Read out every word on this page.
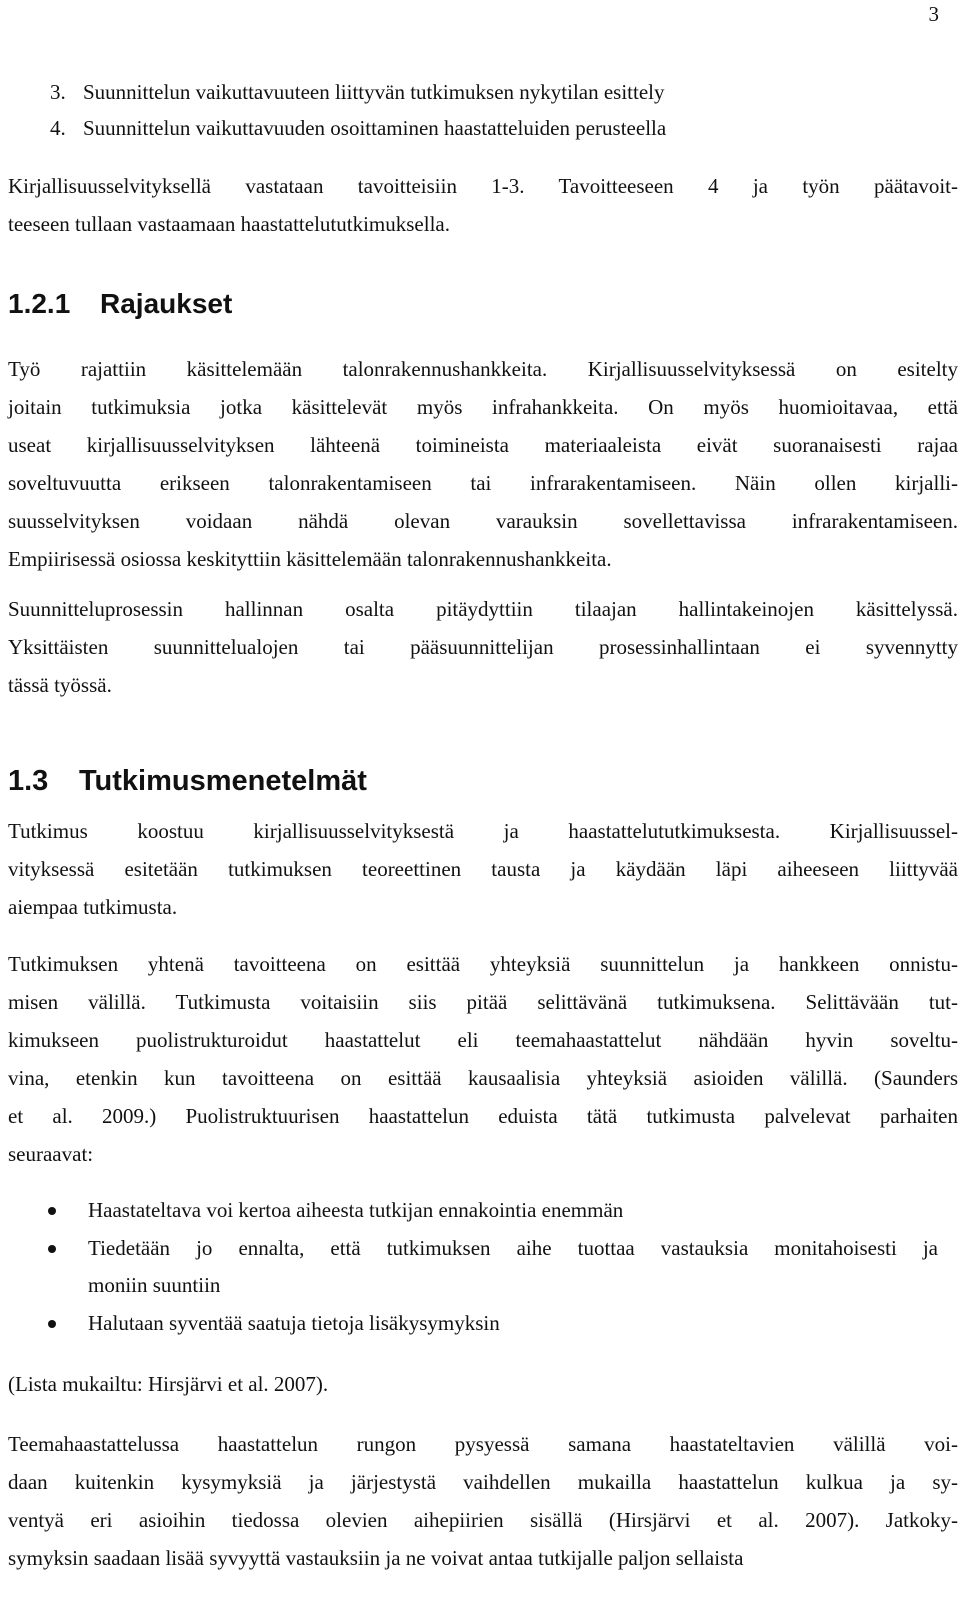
3
3. Suunnittelun vaikuttavuuteen liittyvän tutkimuksen nykytilan esittely
4. Suunnittelun vaikuttavuuden osoittaminen haastatteluiden perusteella

Kirjallisuusselvityksellä vastataan tavoitteisiin 1-3. Tavoitteeseen 4 ja työn päätavoit-
teeseen tullaan vastaamaan haastattelututkimuksella.

1.2.1 Rajaukset

Työ rajattiin käsittelemään talonrakennushankkeita. Kirjallisuusselvityksessä on esitelty
joitain tutkimuksia jotka käsittelevät myös infrahankkeita. On myös huomioitavaa, että
useat kirjallisuusselvityksen lähteenä toimineista materiaaleista eivät suoranaisesti rajaa
soveltuvuutta erikseen talonrakentamiseen tai infrarakentamiseen. Näin ollen kirjalli-
suusselvityksen voidaan nähdä olevan varauksin sovellettavissa infrarakentamiseen.
Empiirisessä osiossa keskityttiin käsittelemään talonrakennushankkeita.

Suunnitteluprosessin hallinnan osalta pitäydyttiin tilaajan hallintakeinojen käsittelyssä.
Yksittäisten suunnittelualojen tai pääsuunnittelijan prosessinhallintaan ei syvennytty
tässä työssä.

1.3 Tutkimusmenetelmät

Tutkimus koostuu kirjallisuusselvityksestä ja haastattelututkimuksesta. Kirjallisuussel-
vityksessä esitetään tutkimuksen teoreettinen tausta ja käydään läpi aiheeseen liittyvää
aiempaa tutkimusta.

Tutkimuksen yhtenä tavoitteena on esittää yhteyksiä suunnittelun ja hankkeen onnistu-
misen välillä. Tutkimusta voitaisiin siis pitää selittävänä tutkimuksena. Selittävään tut-
kimukseen puolistrukturoidut haastattelut eli teemahaastattelut nähdään hyvin soveltu-
vina, etenkin kun tavoitteena on esittää kausaalisia yhteyksiä asioiden välillä. (Saunders
et al. 2009.) Puolistruktuurisen haastattelun eduista tätä tutkimusta palvelevat parhaiten
seuraavat:

Haastateltava voi kertoa aiheesta tutkijan ennakointia enemmän
Tiedetään jo ennalta, että tutkimuksen aihe tuottaa vastauksia monitahoisesti ja
moniin suuntiin
Halutaan syventää saatuja tietoja lisäkysymyksin

(Lista mukailtu: Hirsjärvi et al. 2007).

Teemahaastattelussa haastattelun rungon pysyessä samana haastateltavien välillä voi-
daan kuitenkin kysymyksiä ja järjestystä vaihdellen mukailla haastattelun kulkua ja sy-
ventyä eri asioihin tiedossa olevien aihepiirien sisällä (Hirsjärvi et al. 2007). Jatkoky-
symyksin saadaan lisää syvyyttä vastauksiin ja ne voivat antaa tutkijalle paljon sellaista
